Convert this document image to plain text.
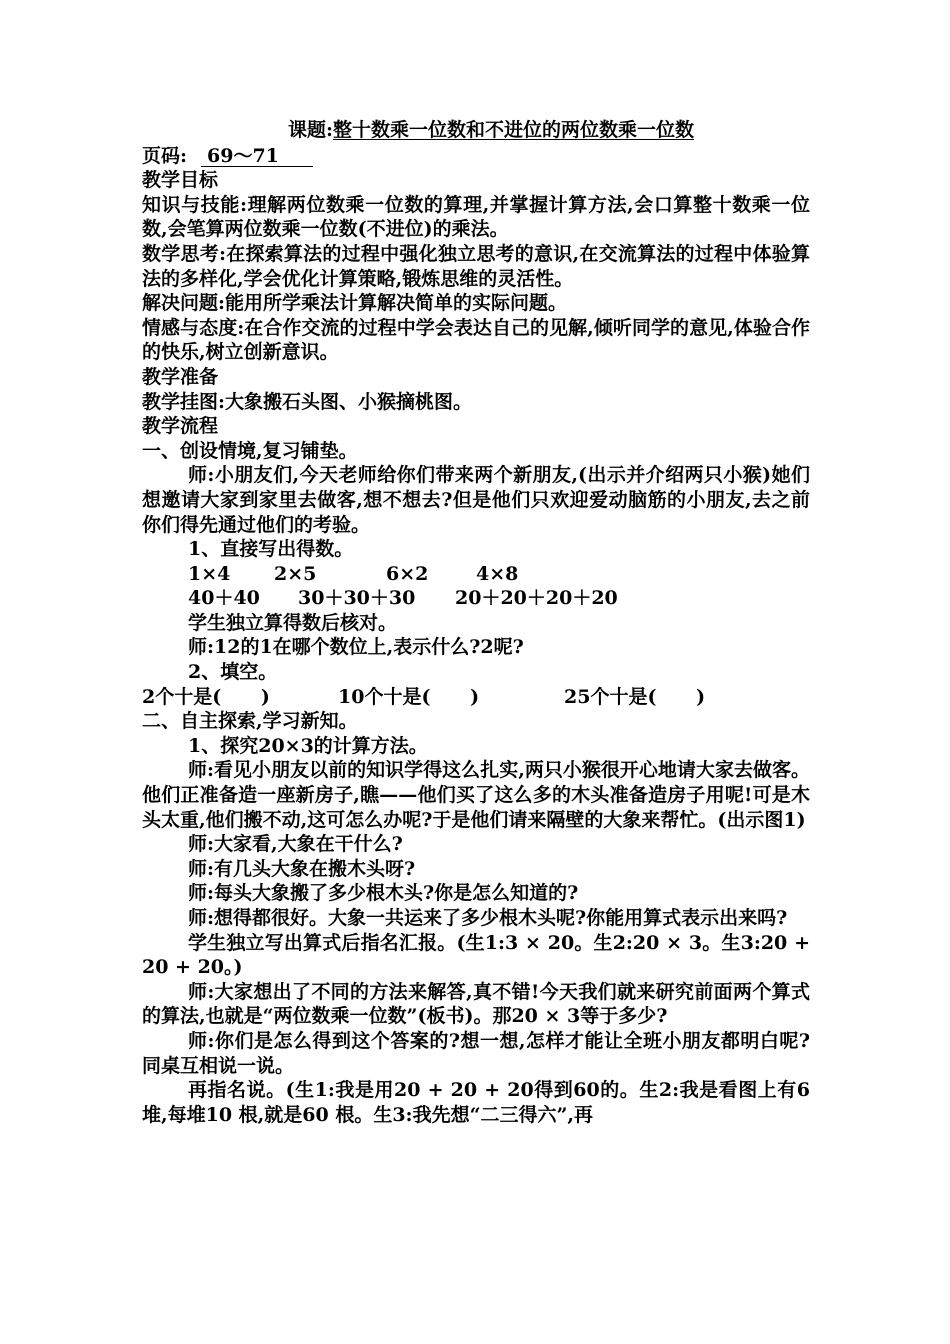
课题:整十数乘一位数和不进位的两位数乘一位数
页码: 69～71

教学目标

知识与技能:理解两位数乘一位数的算理,并掌握计算方法,会口算整十数乘一位数,会笔算两位数乘一位数(不进位)的乘法。

数学思考:在探索算法的过程中强化独立思考的意识,在交流算法的过程中体验算法的多样化,学会优化计算策略,锻炼思维的灵活性。

解决问题:能用所学乘法计算解决简单的实际问题。

情感与态度:在合作交流的过程中学会表达自己的见解,倾听同学的意见,体验合作的快乐,树立创新意识。

教学准备

教学挂图:大象搬石头图、小猴摘桃图。

教学流程

一、创设情境,复习铺垫。

师:小朋友们,今天老师给你们带来两个新朋友,(出示并介绍两只小猴)她们想邀请大家到家里去做客,想不想去?但是他们只欢迎爱动脑筋的小朋友,去之前你们得先通过他们的考验。

1、直接写出得数。

1×4	2×5	6×2	4×8
40＋40	30＋30＋30	20＋20＋20＋20

学生独立算得数后核对。

师:12的1在哪个数位上,表示什么?2呢?

2、填空。

2个十是(      )	10个十是(      )	25个十是(      )

二、自主探索,学习新知。

1、探究20×3的计算方法。

师:看见小朋友以前的知识学得这么扎实,两只小猴很开心地请大家去做客。他们正准备造一座新房子,瞧——他们买了这么多的木头准备造房子用呢!可是木头太重,他们搬不动,这可怎么办呢?于是他们请来隔壁的大象来帮忙。(出示图1)

师:大家看,大象在干什么?

师:有几头大象在搬木头呀?

师:每头大象搬了多少根木头?你是怎么知道的?

师:想得都很好。大象一共运来了多少根木头呢?你能用算式表示出来吗?

学生独立写出算式后指名汇报。(生1:3 × 20。生2:20 × 3。生3:20 + 20 + 20。)

师:大家想出了不同的方法来解答,真不错!今天我们就来研究前面两个算式的算法,也就是“两位数乘一位数”(板书)。那20 × 3等于多少?

师:你们是怎么得到这个答案的?想一想,怎样才能让全班小朋友都明白呢?同桌互相说一说。

再指名说。(生1:我是用20 + 20 + 20得到60的。生2:我是看图上有6 堆,每堆10 根,就是60 根。生3:我先想“二三得六”,再
